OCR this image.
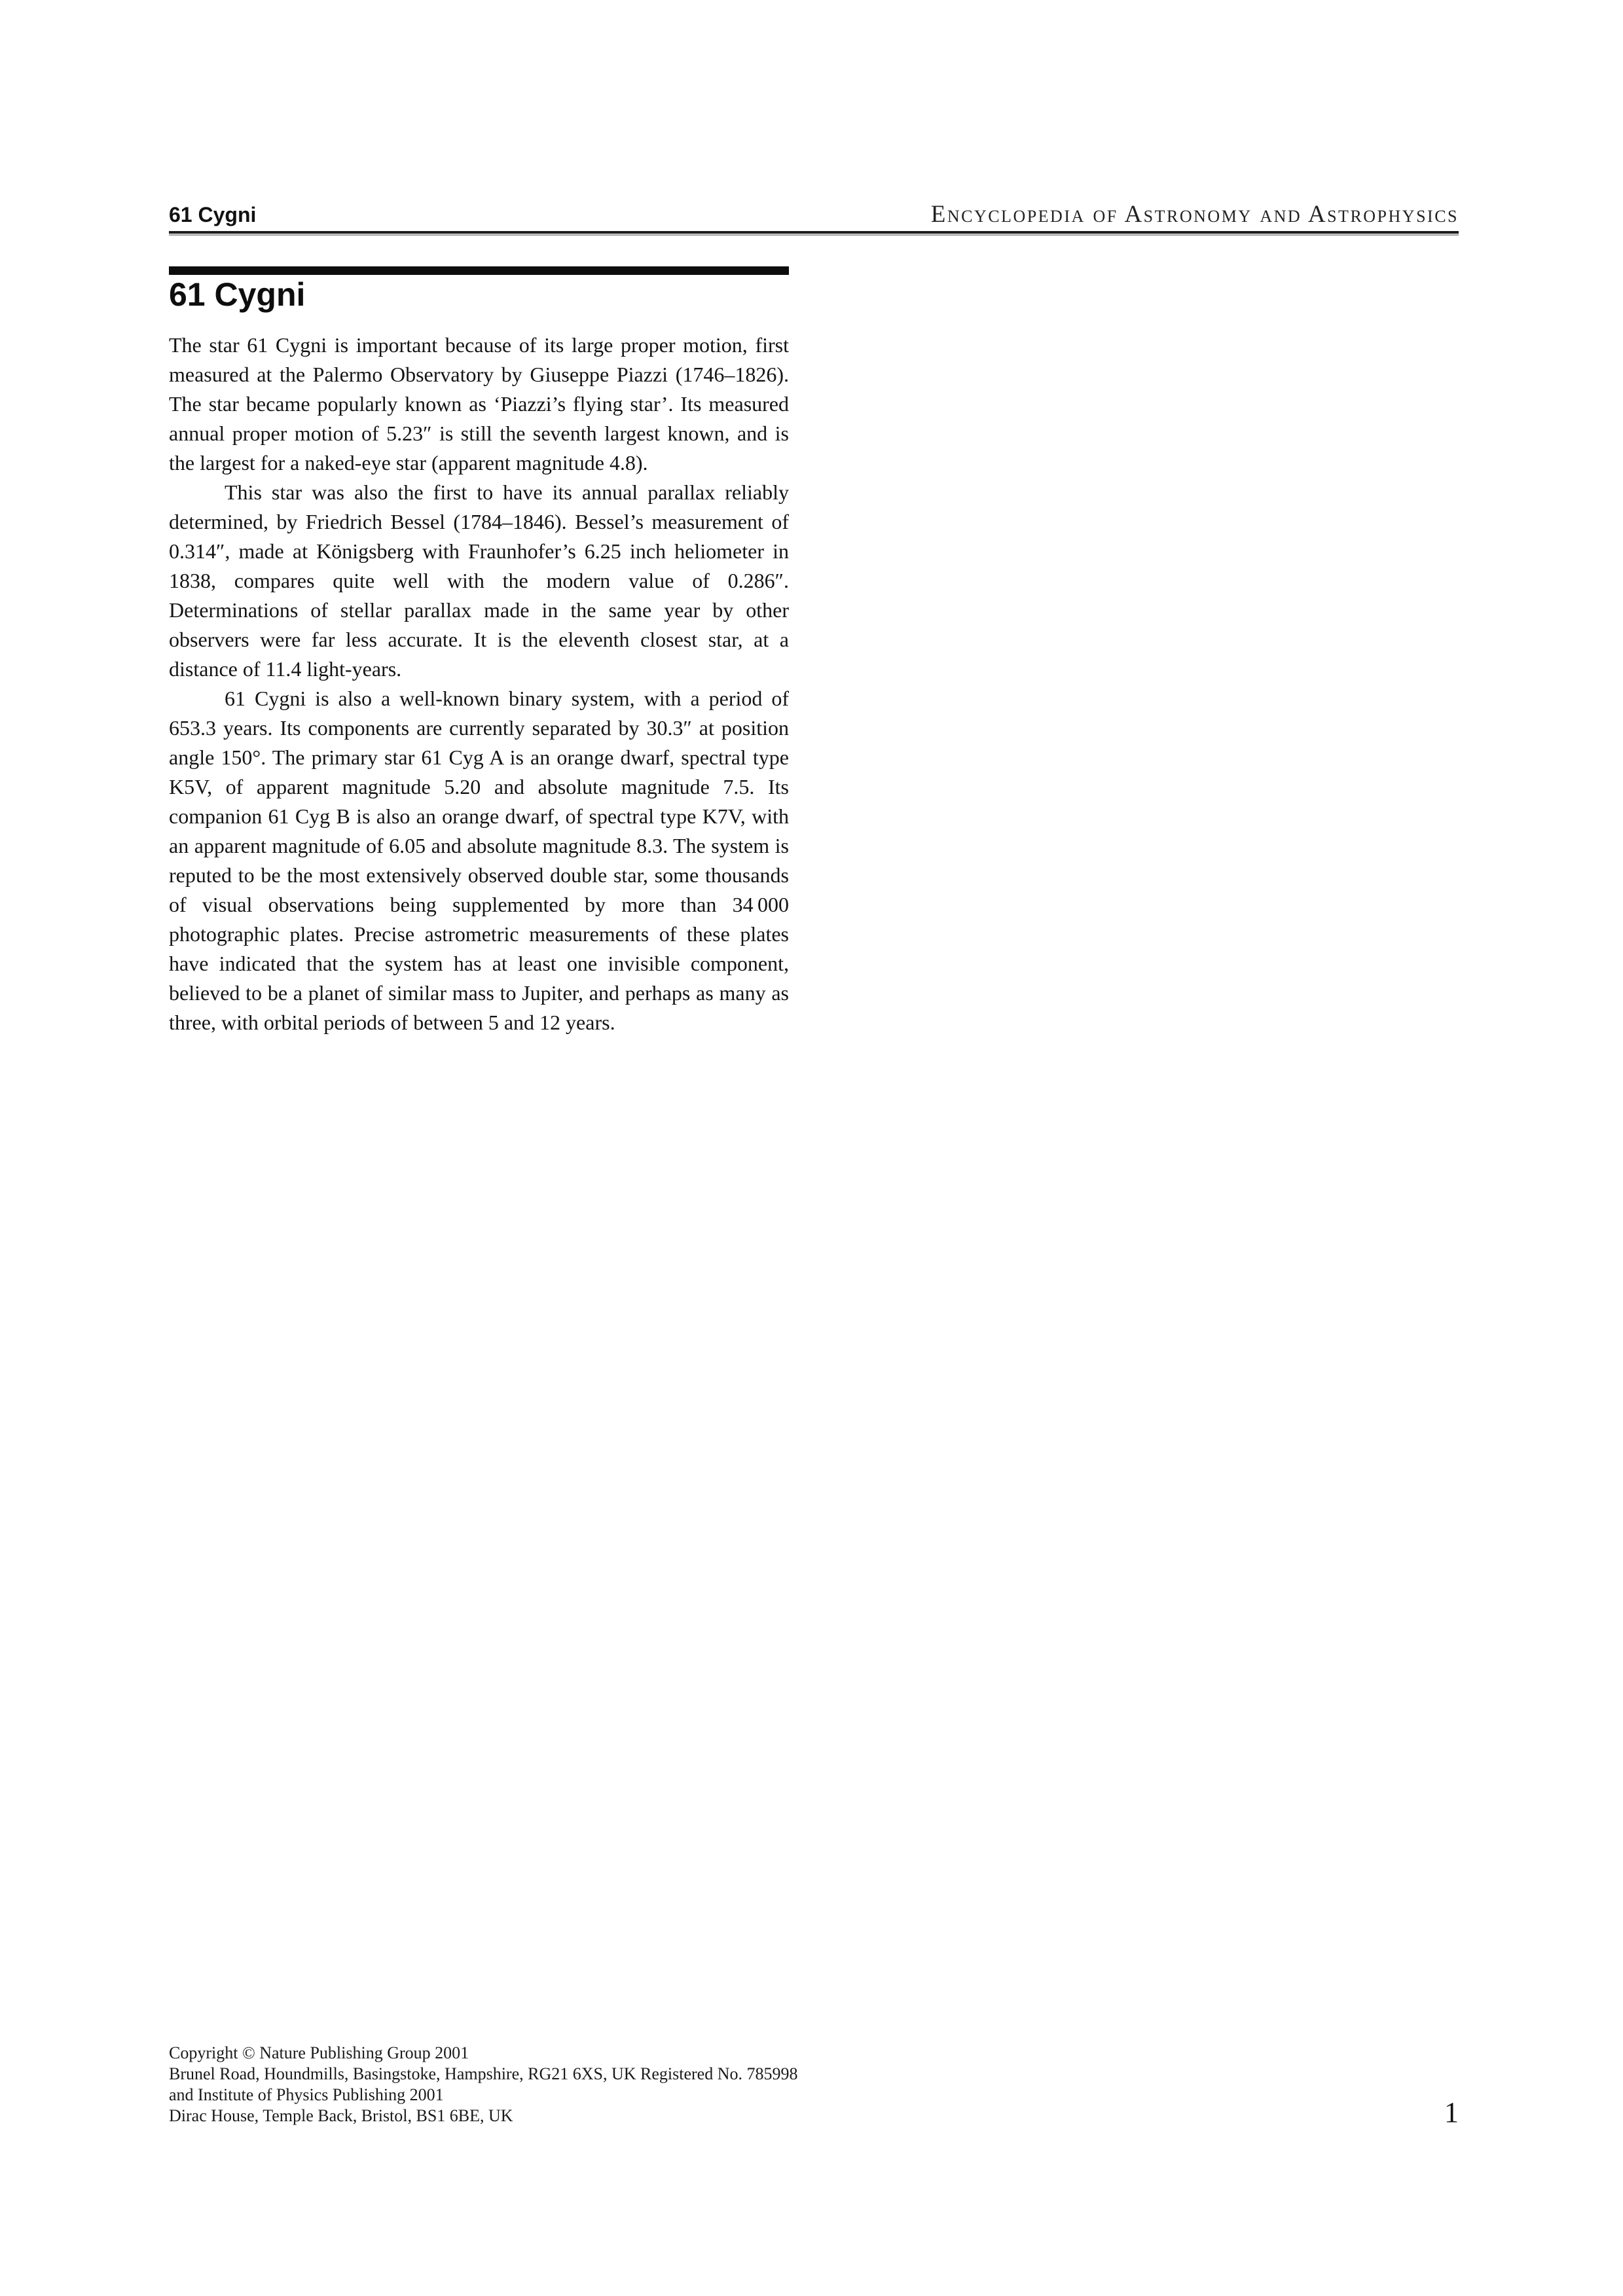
61 Cygni	Encyclopedia of Astronomy and Astrophysics
61 Cygni

The star 61 Cygni is important because of its large proper motion, first measured at the Palermo Observatory by Giuseppe Piazzi (1746–1826). The star became popularly known as ‘Piazzi’s flying star’. Its measured annual proper motion of 5.23″ is still the seventh largest known, and is the largest for a naked-eye star (apparent magnitude 4.8).

This star was also the first to have its annual parallax reliably determined, by Friedrich Bessel (1784–1846). Bessel’s measurement of 0.314″, made at Königsberg with Fraunhofer’s 6.25 inch heliometer in 1838, compares quite well with the modern value of 0.286″. Determinations of stellar parallax made in the same year by other observers were far less accurate. It is the eleventh closest star, at a distance of 11.4 light-years.

61 Cygni is also a well-known binary system, with a period of 653.3 years. Its components are currently separated by 30.3″ at position angle 150°. The primary star 61 Cyg A is an orange dwarf, spectral type K5V, of apparent magnitude 5.20 and absolute magnitude 7.5. Its companion 61 Cyg B is also an orange dwarf, of spectral type K7V, with an apparent magnitude of 6.05 and absolute magnitude 8.3. The system is reputed to be the most extensively observed double star, some thousands of visual observations being supplemented by more than 34 000 photographic plates. Precise astrometric measurements of these plates have indicated that the system has at least one invisible component, believed to be a planet of similar mass to Jupiter, and perhaps as many as three, with orbital periods of between 5 and 12 years.

Copyright © Nature Publishing Group 2001
Brunel Road, Houndmills, Basingstoke, Hampshire, RG21 6XS, UK Registered No. 785998
and Institute of Physics Publishing 2001
Dirac House, Temple Back, Bristol, BS1 6BE, UK	1
